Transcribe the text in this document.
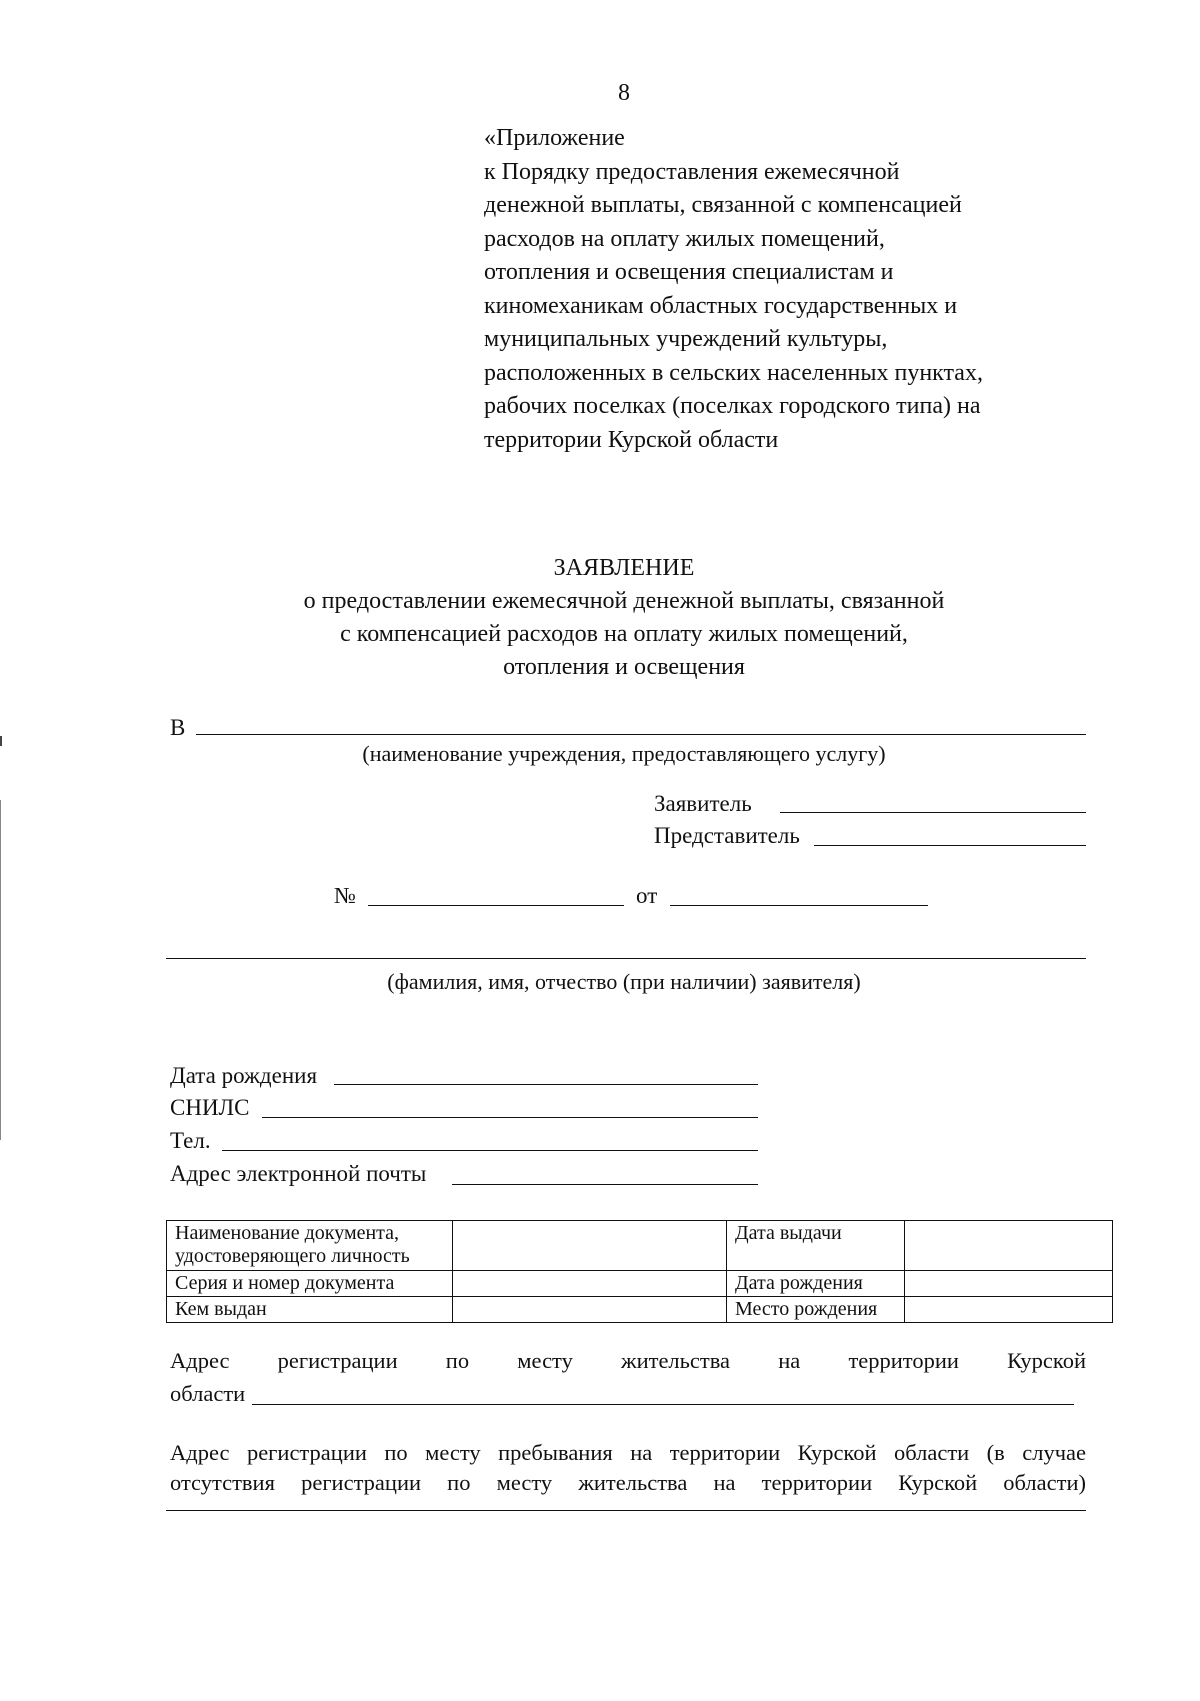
8
«Приложение
к Порядку предоставления ежемесячной
денежной выплаты, связанной с компенсацией
расходов на оплату жилых помещений,
отопления и освещения специалистам и
киномеханикам областных государственных и
муниципальных учреждений культуры,
расположенных в сельских населенных пунктах,
рабочих поселках (поселках городского типа) на
территории Курской области
ЗАЯВЛЕНИЕ
о предоставлении ежемесячной денежной выплаты, связанной
с компенсацией расходов на оплату жилых помещений,
отопления и освещения
В
(наименование учреждения, предоставляющего услугу)
Заявитель
Представитель
№	от
(фамилия, имя, отчество (при наличии) заявителя)
Дата рождения
СНИЛС
Тел.
Адрес электронной почты
Наименование документа,
удостоверяющего личность		Дата выдачи	
Серия и номер документа		Дата рождения	
Кем выдан		Место рождения	
Адрес регистрации по месту жительства на территории Курской
области
Адрес регистрации по месту пребывания на территории Курской области (в случае
отсутствия регистрации по месту жительства на территории Курской области)
